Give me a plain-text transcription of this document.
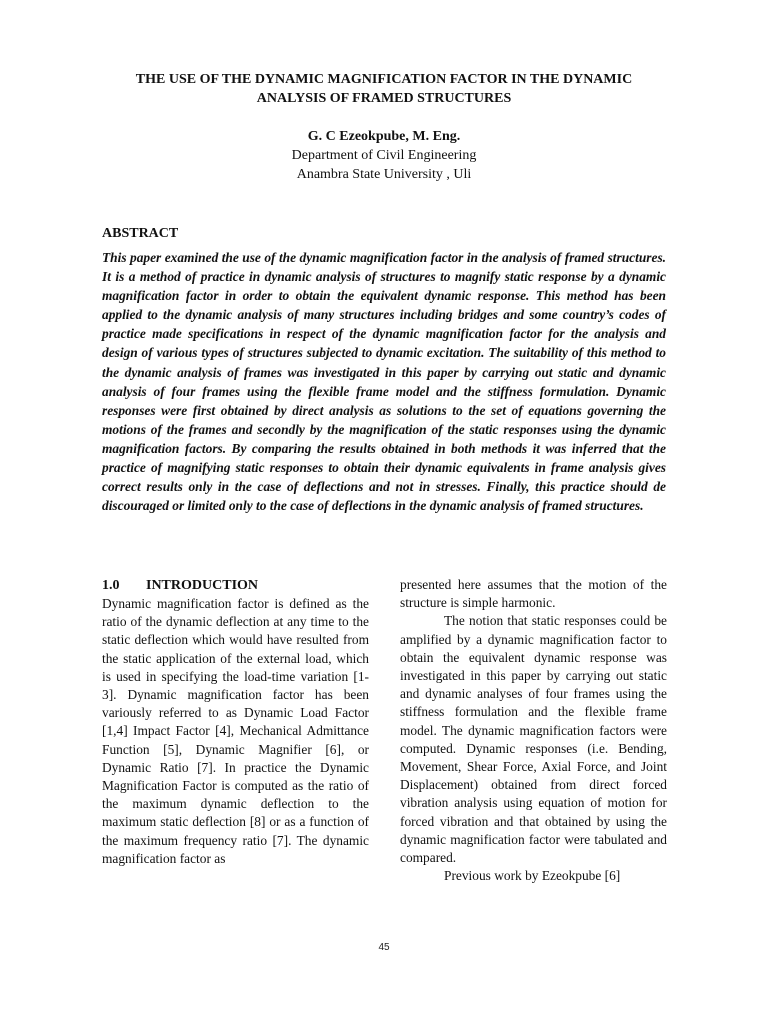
THE USE OF THE DYNAMIC MAGNIFICATION FACTOR IN THE DYNAMIC ANALYSIS OF FRAMED STRUCTURES
G. C Ezeokpube, M. Eng.
Department of Civil Engineering
Anambra State University , Uli
ABSTRACT

This paper examined the use of the dynamic magnification factor in the analysis of framed structures. It is a method of practice in dynamic analysis of structures to magnify static response by a dynamic magnification factor in order to obtain the equivalent dynamic response. This method has been applied to the dynamic analysis of many structures including bridges and some country’s codes of practice made specifications in respect of the dynamic magnification factor for the analysis and design of various types of structures subjected to dynamic excitation. The suitability of this method to the dynamic analysis of frames was investigated in this paper by carrying out static and dynamic analysis of four frames using the flexible frame model and the stiffness formulation. Dynamic responses were first obtained by direct analysis as solutions to the set of equations governing the motions of the frames and secondly by the magnification of the static responses using the dynamic magnification factors. By comparing the results obtained in both methods it was inferred that the practice of magnifying static responses to obtain their dynamic equivalents in frame analysis gives correct results only in the case of deflections and not in stresses. Finally, this practice should de discouraged or limited only to the case of deflections in the dynamic analysis of framed structures.

1.0 INTRODUCTION

Dynamic magnification factor is defined as the ratio of the dynamic deflection at any time to the static deflection which would have resulted from the static application of the external load, which is used in specifying the load-time variation [1-3]. Dynamic magnification factor has been variously referred to as Dynamic Load Factor [1,4] Impact Factor [4], Mechanical Admittance Function [5], Dynamic Magnifier [6], or Dynamic Ratio [7]. In practice the Dynamic Magnification Factor is computed as the ratio of the maximum dynamic deflection to the maximum static deflection [8] or as a function of the maximum frequency ratio [7]. The dynamic magnification factor as

presented here assumes that the motion of the structure is simple harmonic.

The notion that static responses could be amplified by a dynamic magnification factor to obtain the equivalent dynamic response was investigated in this paper by carrying out static and dynamic analyses of four frames using the stiffness formulation and the flexible frame model. The dynamic magnification factors were computed. Dynamic responses (i.e. Bending, Movement, Shear Force, Axial Force, and Joint Displacement) obtained from direct forced vibration analysis using equation of motion for forced vibration and that obtained by using the dynamic magnification factor were tabulated and compared.

Previous work by Ezeokpube [6]

45
